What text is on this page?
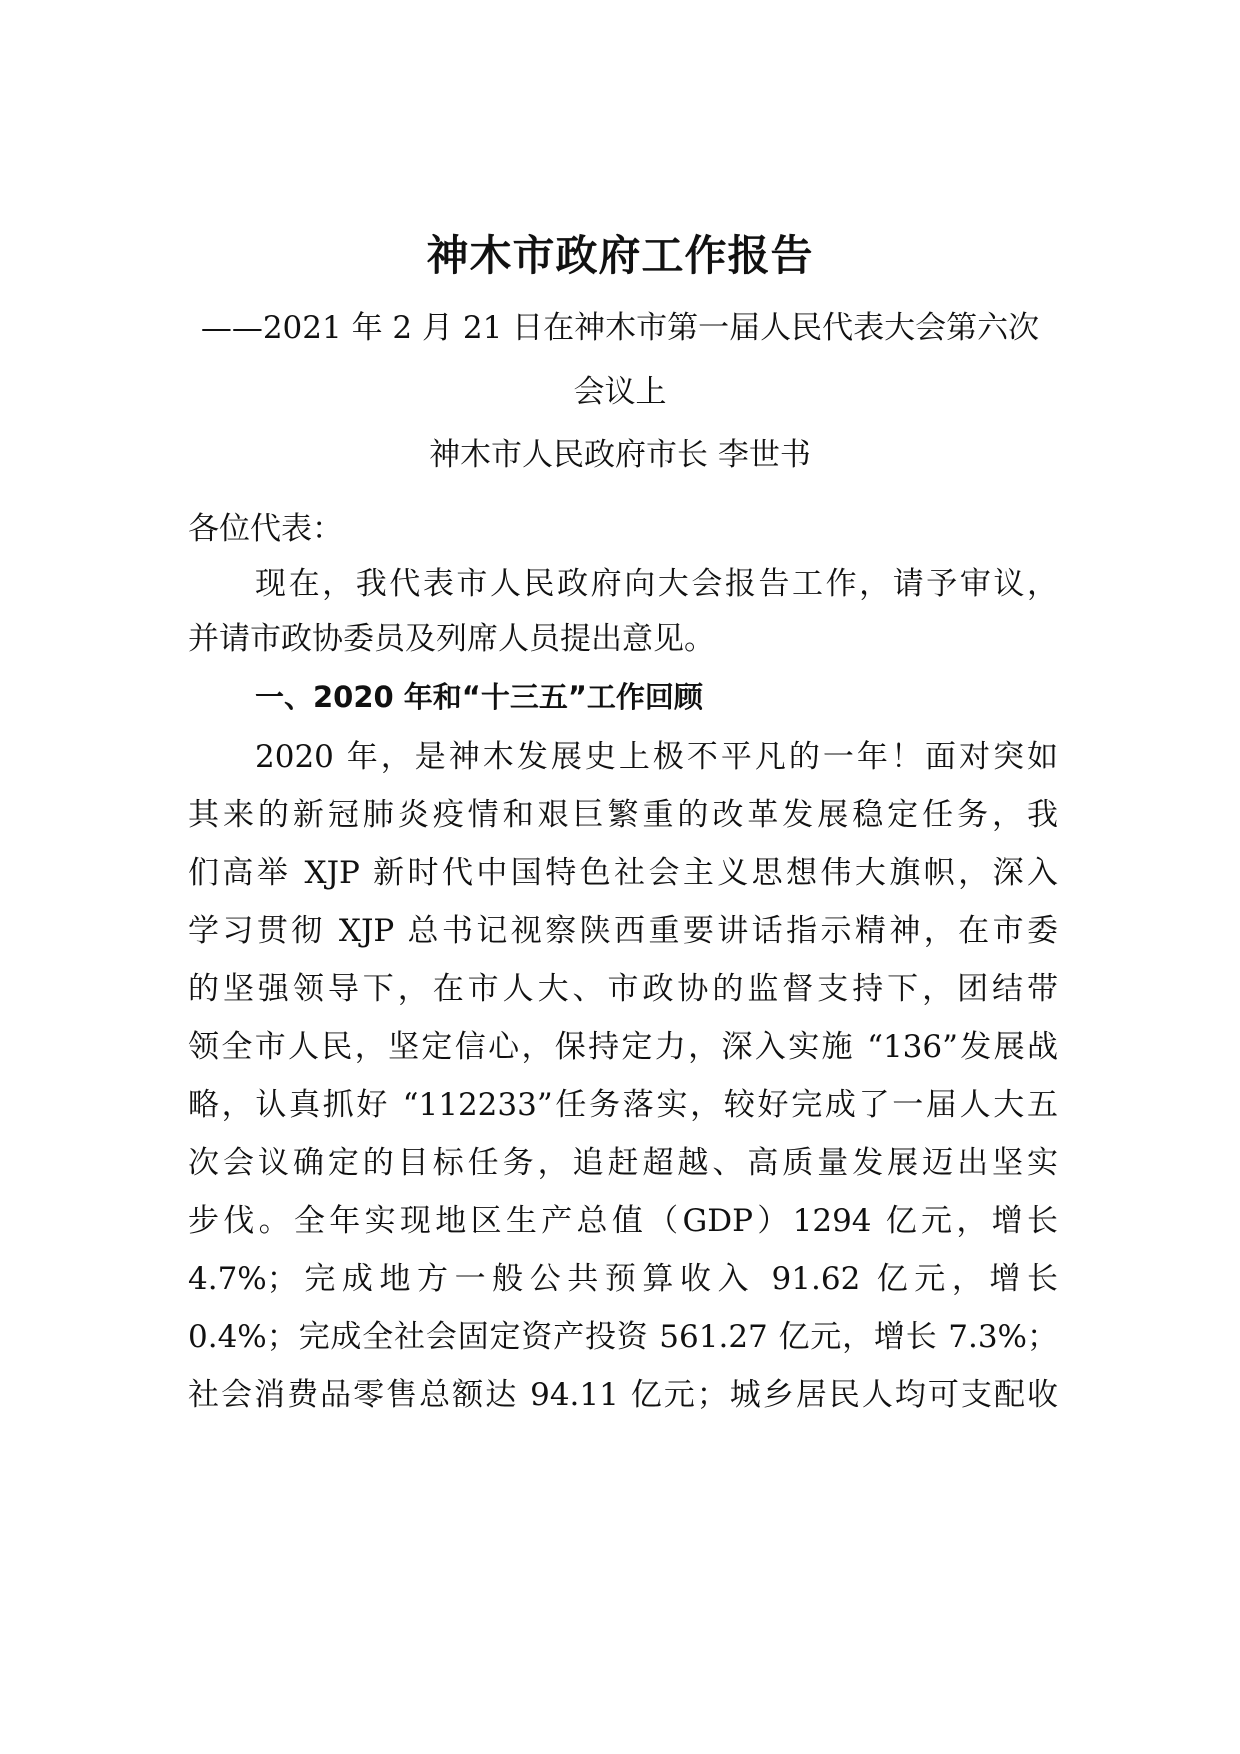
神木市政府工作报告
——2021 年 2 月 21 日在神木市第一届人民代表大会第六次
会议上
神木市人民政府市长 李世书
各位代表：
现在，我代表市人民政府向大会报告工作，请予审议，
并请市政协委员及列席人员提出意见。
一、2020 年和“十三五”工作回顾
2020 年，是神木发展史上极不平凡的一年！面对突如
其来的新冠肺炎疫情和艰巨繁重的改革发展稳定任务，我
们高举 XJP 新时代中国特色社会主义思想伟大旗帜，深入
学习贯彻 XJP 总书记视察陕西重要讲话指示精神，在市委
的坚强领导下，在市人大、市政协的监督支持下，团结带
领全市人民，坚定信心，保持定力，深入实施 “136”发展战
略，认真抓好 “112233”任务落实，较好完成了一届人大五
次会议确定的目标任务，追赶超越、高质量发展迈出坚实
步伐。全年实现地区生产总值（GDP）1294 亿元，增长
4.7%；完成地方一般公共预算收入 91.62 亿元，增长
0.4%；完成全社会固定资产投资 561.27 亿元，增长 7.3%；
社会消费品零售总额达 94.11 亿元；城乡居民人均可支配收
